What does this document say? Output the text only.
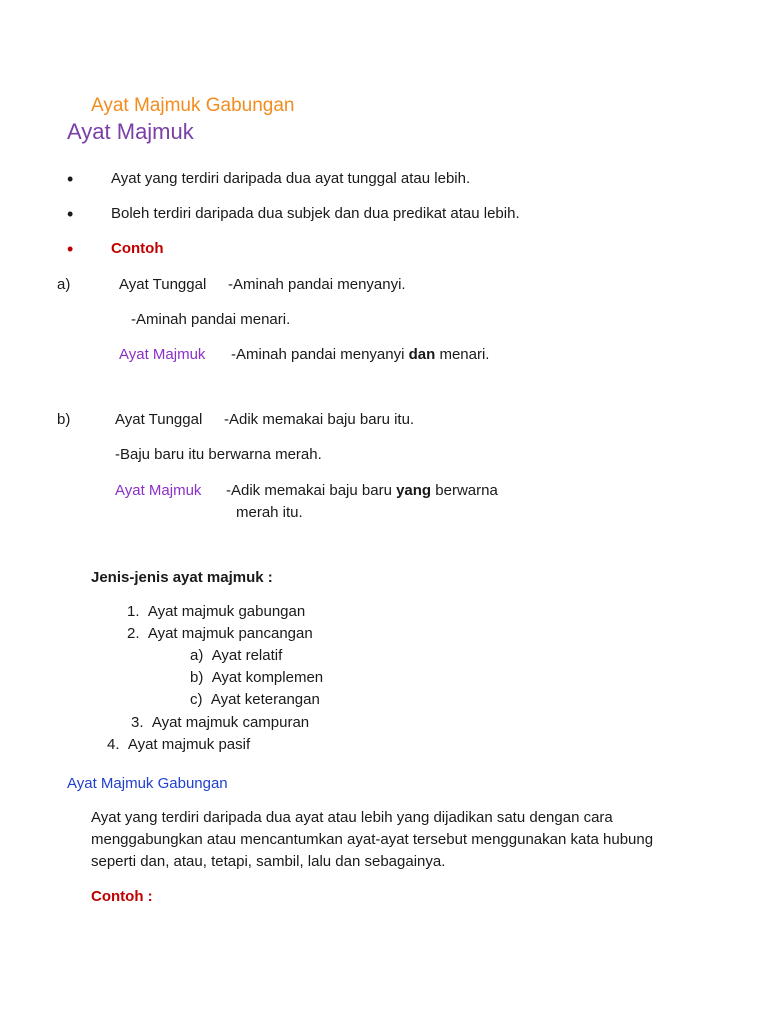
Ayat Majmuk Gabungan
Ayat Majmuk
•	Ayat yang terdiri daripada dua ayat tunggal atau lebih.
•	Boleh terdiri daripada dua subjek dan dua predikat atau lebih.
•	Contoh
a)	Ayat Tunggal -Aminah pandai menyanyi.
-Aminah pandai menari.
Ayat Majmuk -Aminah pandai menyanyi dan menari.
b)	Ayat Tunggal -Adik memakai baju baru itu.
-Baju baru itu berwarna merah.
Ayat Majmuk -Adik memakai baju baru yang berwarna
merah itu.
Jenis-jenis ayat majmuk :
1. Ayat majmuk gabungan
2. Ayat majmuk pancangan
a) Ayat relatif
b) Ayat komplemen
c) Ayat keterangan
3. Ayat majmuk campuran
4. Ayat majmuk pasif
Ayat Majmuk Gabungan
Ayat yang terdiri daripada dua ayat atau lebih yang dijadikan satu dengan cara menggabungkan atau mencantumkan ayat-ayat tersebut menggunakan kata hubung seperti dan, atau, tetapi, sambil, lalu dan sebagainya.
Contoh :
